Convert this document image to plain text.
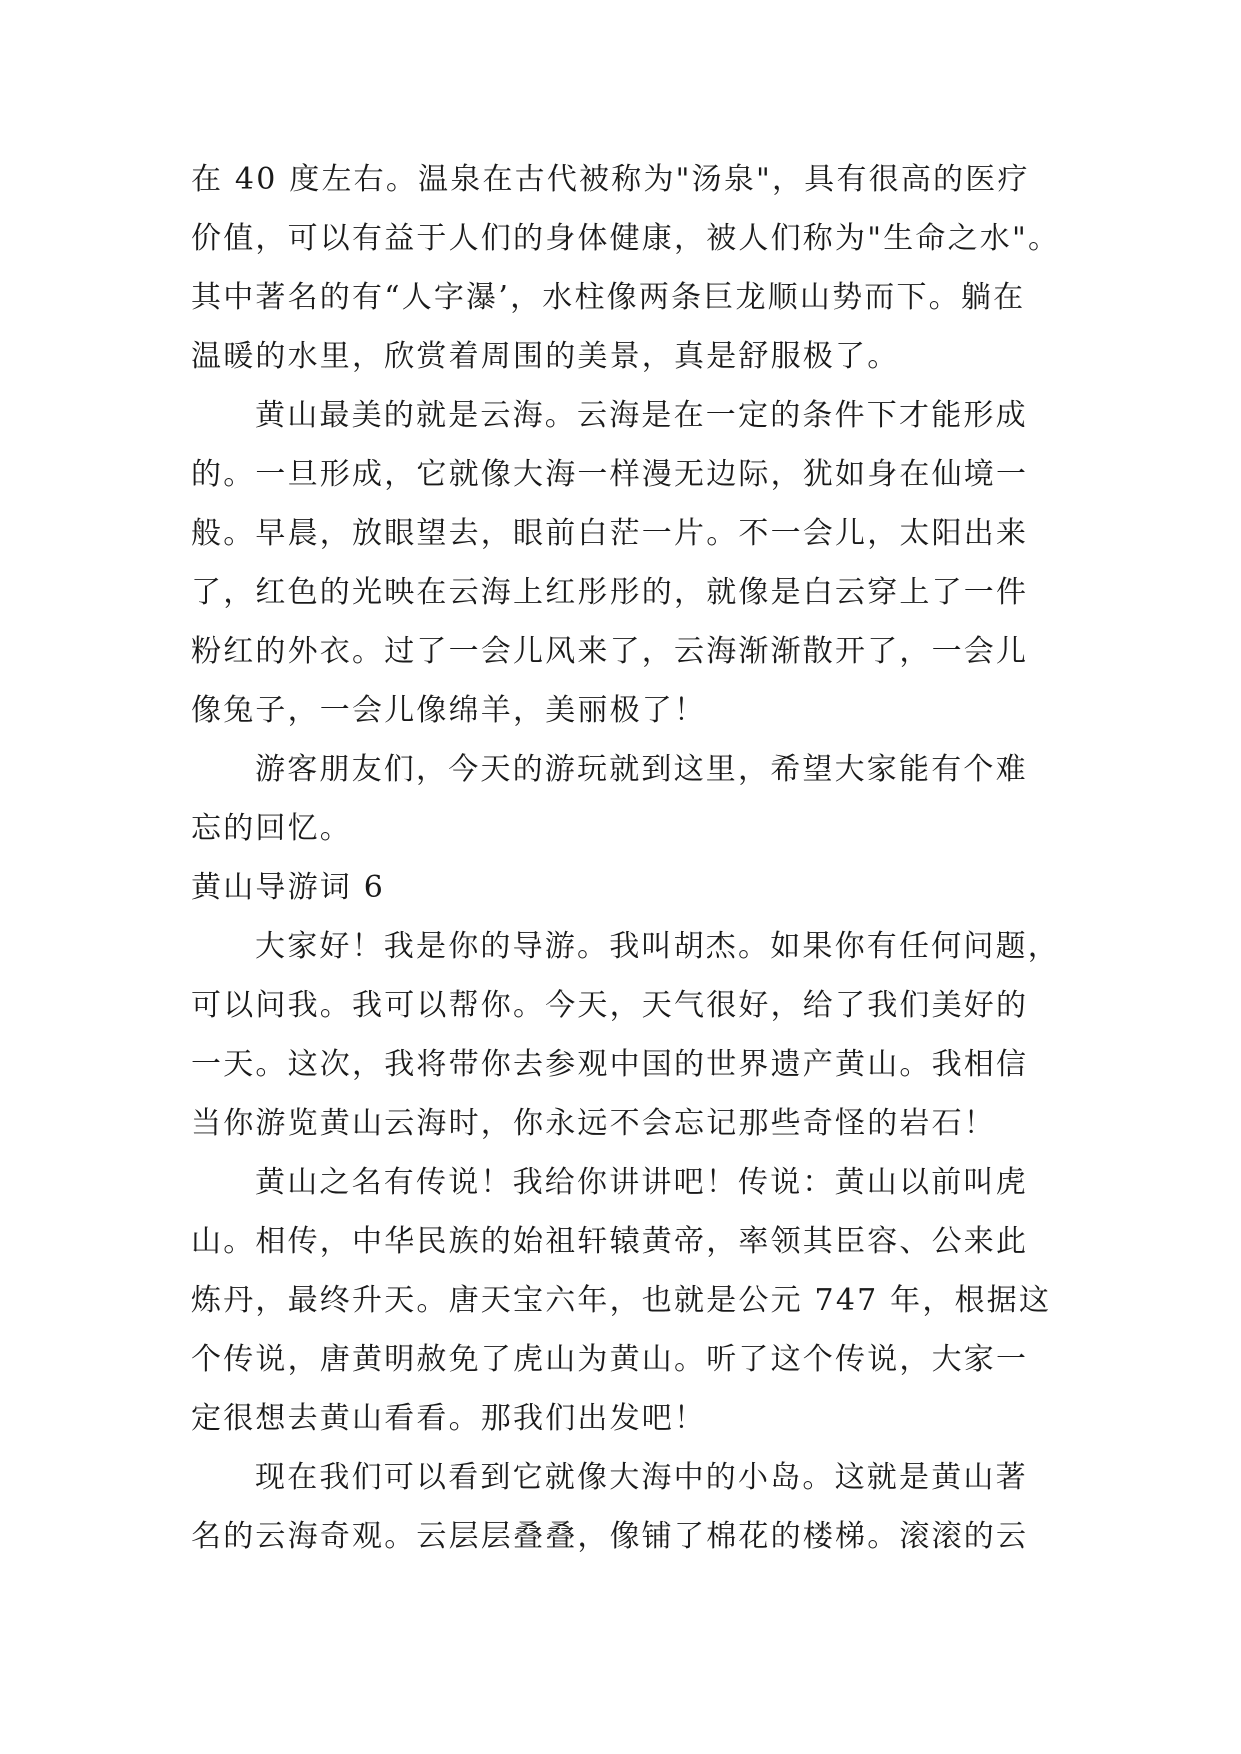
在 40 度左右。温泉在古代被称为"汤泉"，具有很高的医疗
价值，可以有益于人们的身体健康，被人们称为"生命之水"。
其中著名的有“人字瀑’，水柱像两条巨龙顺山势而下。躺在
温暖的水里，欣赏着周围的美景，真是舒服极了。
黄山最美的就是云海。云海是在一定的条件下才能形成
的。一旦形成，它就像大海一样漫无边际，犹如身在仙境一
般。早晨，放眼望去，眼前白茫一片。不一会儿，太阳出来
了，红色的光映在云海上红彤彤的，就像是白云穿上了一件
粉红的外衣。过了一会儿风来了，云海渐渐散开了，一会儿
像兔子，一会儿像绵羊，美丽极了！
游客朋友们，今天的游玩就到这里，希望大家能有个难
忘的回忆。
黄山导游词 6
大家好！我是你的导游。我叫胡杰。如果你有任何问题，
可以问我。我可以帮你。今天，天气很好，给了我们美好的
一天。这次，我将带你去参观中国的世界遗产黄山。我相信
当你游览黄山云海时，你永远不会忘记那些奇怪的岩石！
黄山之名有传说！我给你讲讲吧！传说：黄山以前叫虎
山。相传，中华民族的始祖轩辕黄帝，率领其臣容、公来此
炼丹，最终升天。唐天宝六年，也就是公元 747 年，根据这
个传说，唐黄明赦免了虎山为黄山。听了这个传说，大家一
定很想去黄山看看。那我们出发吧！
现在我们可以看到它就像大海中的小岛。这就是黄山著
名的云海奇观。云层层叠叠，像铺了棉花的楼梯。滚滚的云
